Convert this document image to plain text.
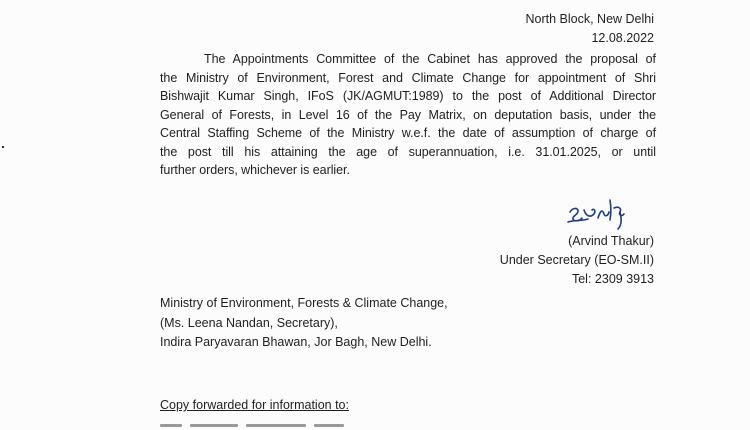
North Block, New Delhi
12.08.2022
The Appointments Committee of the Cabinet has approved the proposal of
the Ministry of Environment, Forest and Climate Change for appointment of Shri
Bishwajit Kumar Singh, IFoS (JK/AGMUT:1989) to the post of Additional Director
General of Forests, in Level 16 of the Pay Matrix, on deputation basis, under the
Central Staffing Scheme of the Ministry w.e.f. the date of assumption of charge of
the post till his attaining the age of superannuation, i.e. 31.01.2025, or until
further orders, whichever is earlier.
(Arvind Thakur)
Under Secretary (EO-SM.II)
Tel: 2309 3913
Ministry of Environment, Forests & Climate Change,
(Ms. Leena Nandan, Secretary),
Indira Paryavaran Bhawan, Jor Bagh, New Delhi.
Copy forwarded for information to:
